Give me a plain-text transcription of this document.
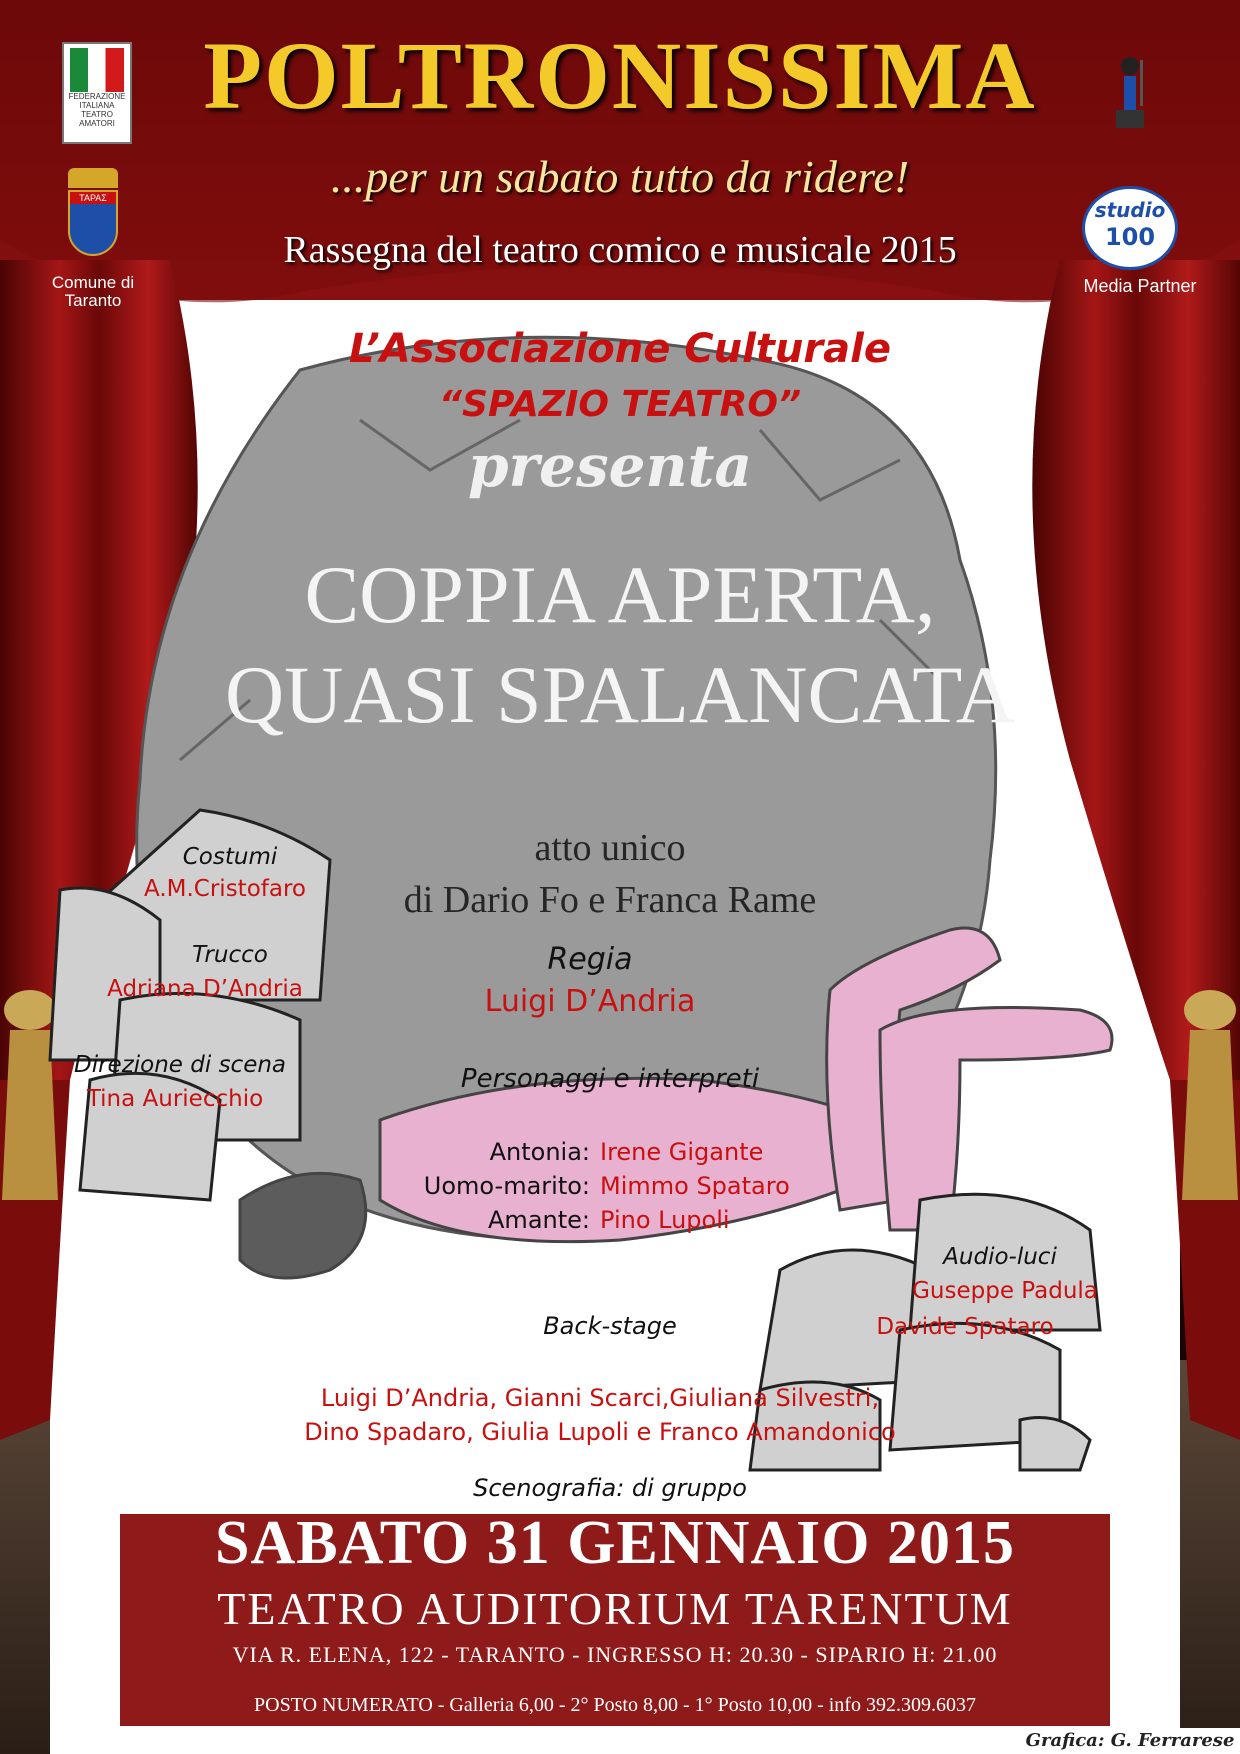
POLTRONISSIMA
...per un sabato tutto da ridere!
Rassegna del teatro comico e musicale 2015
FEDERAZIONE
ITALIANA
TEATRO
AMATORI
TAPAΣ
Comune di
Taranto
studio
100
Media Partner
L’Associazione Culturale
“SPAZIO TEATRO”
presenta
COPPIA APERTA,
QUASI SPALANCATA
atto unico
di Dario Fo e Franca Rame
Costumi
A.M.Cristofaro
Trucco
Adriana D’Andria
Direzione di scena
Tina Auriecchio
Regia
Luigi D’Andria
Personaggi e interpreti
Antonia: Irene Gigante
Uomo-marito: Mimmo Spataro
Amante: Pino Lupoli
Audio-luci
Guseppe Padula
Davide Spataro
Back-stage
Luigi D’Andria, Gianni Scarci,Giuliana Silvestri,
Dino Spadaro, Giulia Lupoli e Franco Amandonico
Scenografia: di gruppo
SABATO 31 GENNAIO 2015
TEATRO AUDITORIUM TARENTUM
VIA R. ELENA, 122 - TARANTO - INGRESSO H: 20.30 - SIPARIO H: 21.00
POSTO NUMERATO - Galleria 6,00 - 2° Posto 8,00 - 1° Posto 10,00 - info 392.309.6037
Grafica: G. Ferrarese
